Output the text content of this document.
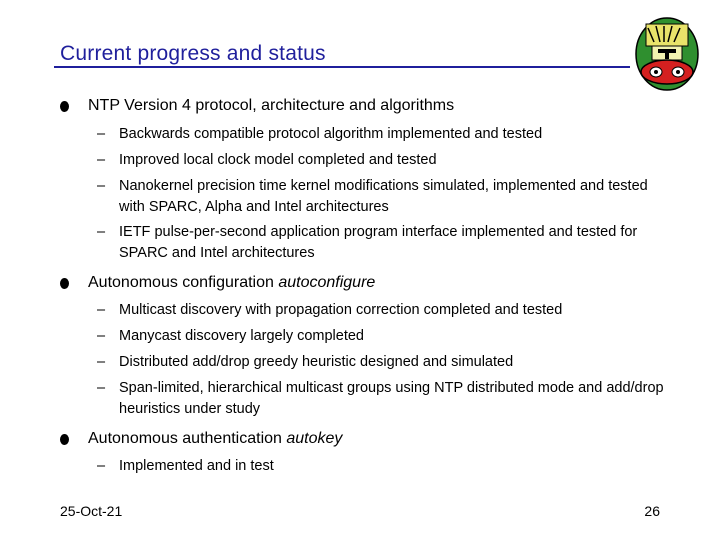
Current progress and status
NTP Version 4 protocol, architecture and algorithms
– Backwards compatible protocol algorithm implemented and tested
– Improved local clock model completed and tested
– Nanokernel precision time kernel modifications simulated, implemented and tested with SPARC, Alpha and Intel architectures
– IETF pulse-per-second application program interface implemented and tested for SPARC and Intel architectures
Autonomous configuration autoconfigure
– Multicast discovery with propagation correction completed and tested
– Manycast discovery largely completed
– Distributed add/drop greedy heuristic designed and simulated
– Span-limited, hierarchical multicast groups using NTP distributed mode and add/drop heuristics under study
Autonomous authentication autokey
– Implemented and in test
25-Oct-21	26
